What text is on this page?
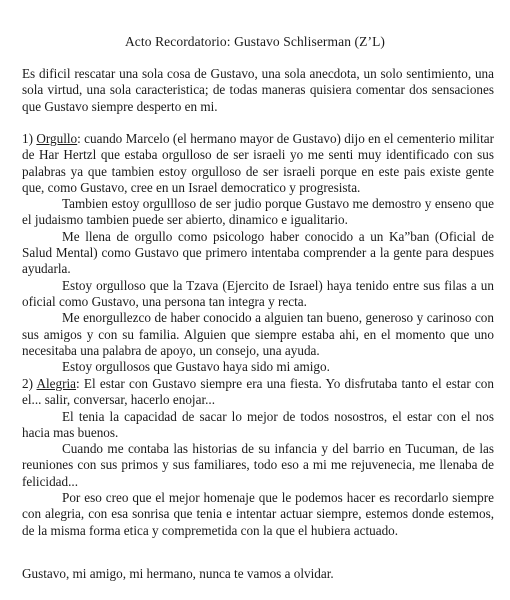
Acto Recordatorio: Gustavo Schliserman (Z’L)

Es dificil rescatar una sola cosa de Gustavo, una sola anecdota, un solo sentimiento, una sola virtud, una sola caracteristica; de todas maneras quisiera comentar dos sensaciones que Gustavo siempre desperto en mi.

1) Orgullo: cuando Marcelo (el hermano mayor de Gustavo) dijo en el cementerio militar de Har Hertzl que estaba orgulloso de ser israeli yo me senti muy identificado con sus palabras ya que tambien estoy orgulloso de ser israeli porque en este pais existe gente que, como Gustavo, cree en un Israel democratico y progresista.

Tambien estoy orgullloso de ser judio porque Gustavo me demostro y enseno que el judaismo tambien puede ser abierto, dinamico e igualitario.

Me llena de orgullo como psicologo haber conocido a un Ka”ban (Oficial de Salud Mental) como Gustavo que primero intentaba comprender a la gente para despues ayudarla.

Estoy orgulloso que la Tzava (Ejercito de Israel) haya tenido entre sus filas a un oficial como Gustavo, una persona tan integra y recta.

Me enorgullezco de haber conocido a alguien tan bueno, generoso y carinoso con sus amigos y con su familia. Alguien que siempre estaba ahi, en el momento que uno necesitaba una palabra de apoyo, un consejo, una ayuda.

Estoy orgullosos que Gustavo haya sido mi amigo.

2) Alegria: El estar con Gustavo siempre era una fiesta. Yo disfrutaba tanto el estar con el... salir, conversar, hacerlo enojar...

El tenia la capacidad de sacar lo mejor de todos nosostros, el estar con el nos hacia mas buenos.

Cuando me contaba las historias de su infancia y del barrio en Tucuman, de las reuniones con sus primos y sus familiares, todo eso a mi me rejuvenecia, me llenaba de felicidad...

Por eso creo que el mejor homenaje que le podemos hacer es recordarlo siempre con alegria, con esa sonrisa que tenia e intentar actuar siempre, estemos donde estemos, de la misma forma etica y compremetida con la que el hubiera actuado.

Gustavo, mi amigo, mi hermano, nunca te vamos a olvidar.
